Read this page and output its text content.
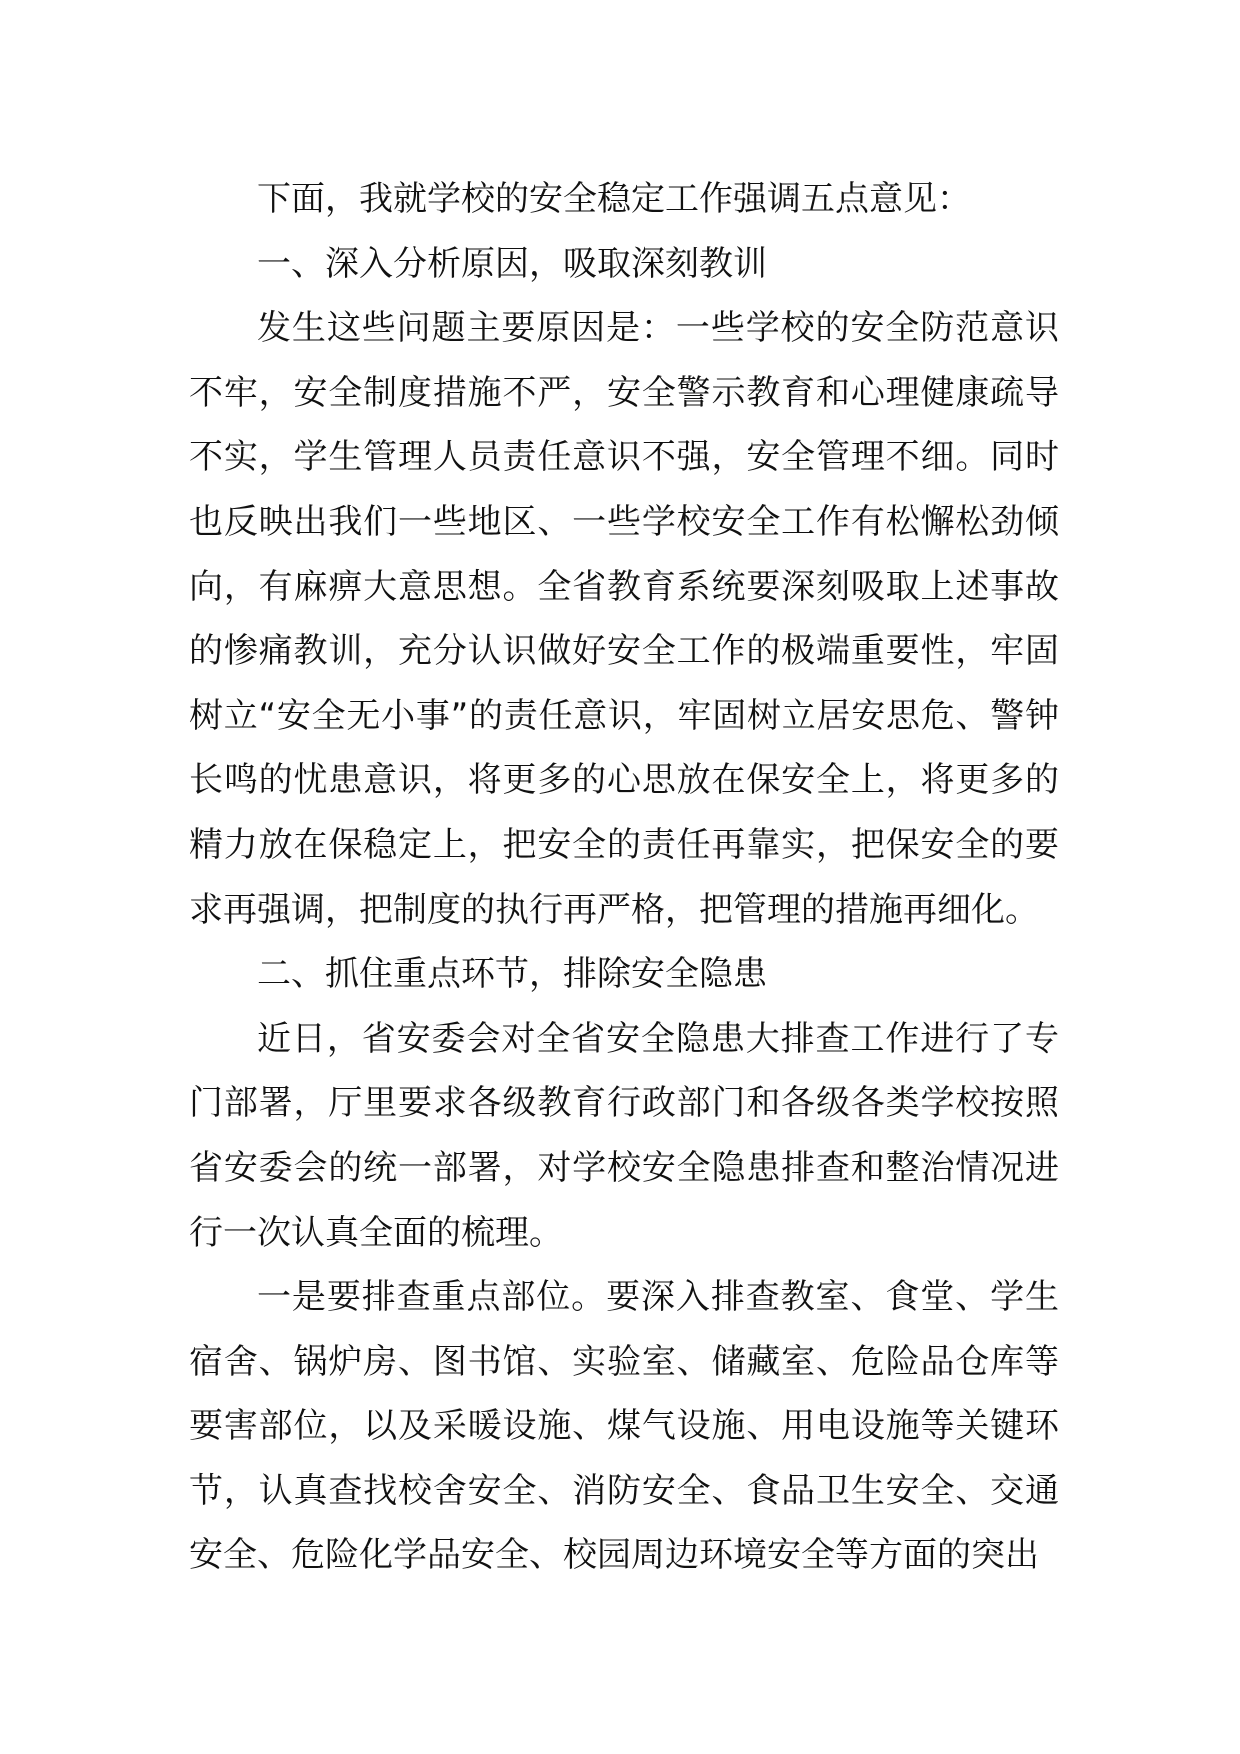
下面，我就学校的安全稳定工作强调五点意见：

一、深入分析原因，吸取深刻教训

发生这些问题主要原因是：一些学校的安全防范意识不牢，安全制度措施不严，安全警示教育和心理健康疏导不实，学生管理人员责任意识不强，安全管理不细。同时也反映出我们一些地区、一些学校安全工作有松懈松劲倾向，有麻痹大意思想。全省教育系统要深刻吸取上述事故的惨痛教训，充分认识做好安全工作的极端重要性，牢固树立“安全无小事”的责任意识，牢固树立居安思危、警钟长鸣的忧患意识，将更多的心思放在保安全上，将更多的精力放在保稳定上，把安全的责任再靠实，把保安全的要求再强调，把制度的执行再严格，把管理的措施再细化。

二、抓住重点环节，排除安全隐患

近日，省安委会对全省安全隐患大排查工作进行了专门部署，厅里要求各级教育行政部门和各级各类学校按照省安委会的统一部署，对学校安全隐患排查和整治情况进行一次认真全面的梳理。

一是要排查重点部位。要深入排查教室、食堂、学生宿舍、锅炉房、图书馆、实验室、储藏室、危险品仓库等要害部位，以及采暖设施、煤气设施、用电设施等关键环节，认真查找校舍安全、消防安全、食品卫生安全、交通安全、危险化学品安全、校园周边环境安全等方面的突出
